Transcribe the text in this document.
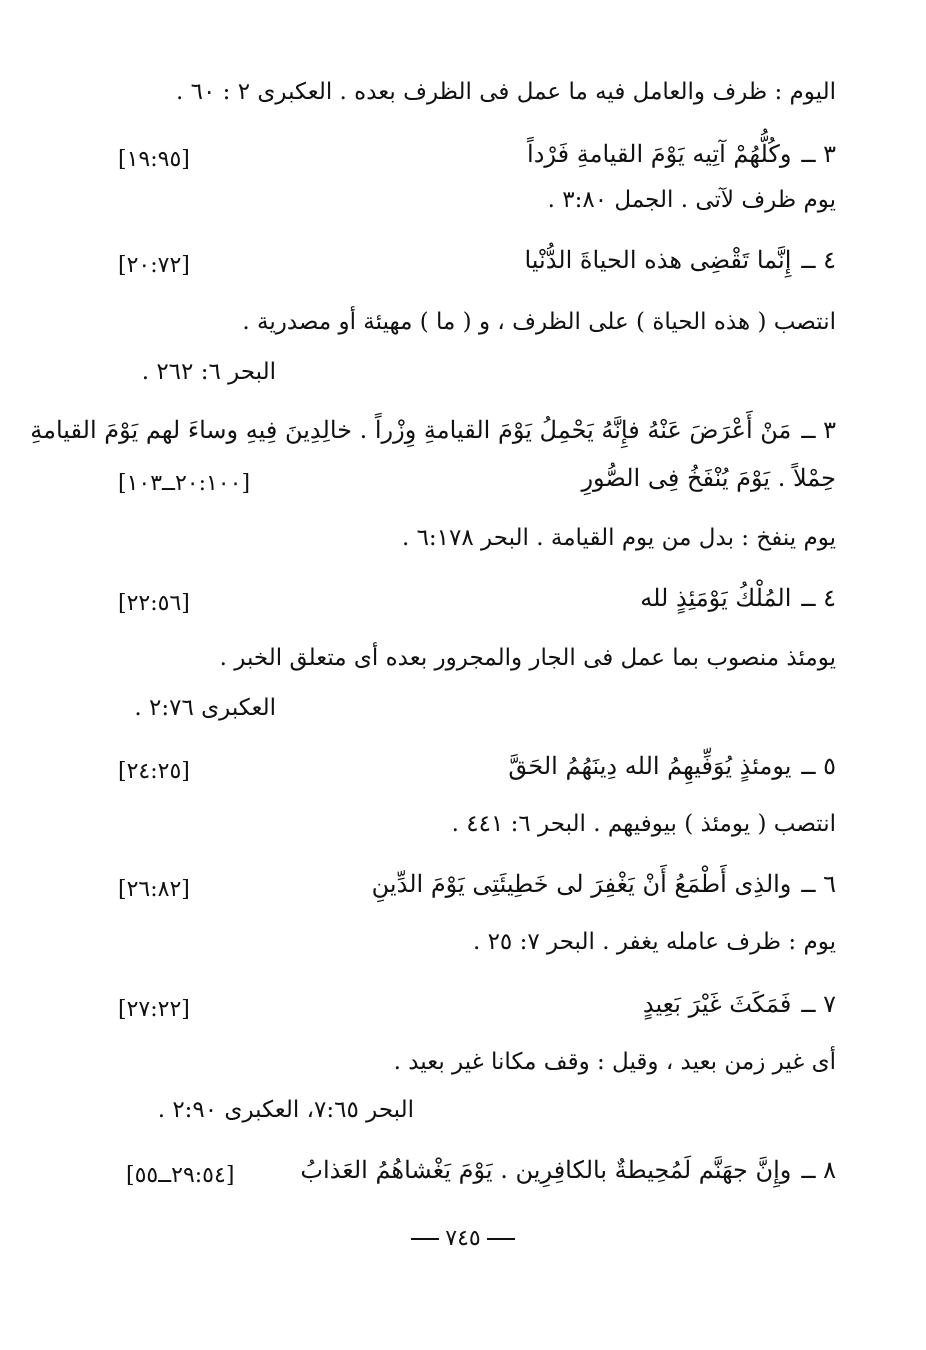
اليوم : ظرف والعامل فيه ما عمل فى الظرف بعده . العكبرى ٢ : ٦٠ .
٣ ــوكُلُّهُمْ آتِيه يَوْمَ القيامةِ فَرْداً
[١٩:٩٥]
يوم ظرف لآتى . الجمل ٣:٨٠ .
٤ ــإِنَّما تَقْضِى هذه الحياةَ الدُّنْيا
[٢٠:٧٢]
انتصب ( هذه الحياة ) على الظرف ، و ( ما ) مهيئة أو مصدرية .
البحر ٦: ٢٦٢ .
٣ ــمَنْ أَعْرَضَ عَنْهُ فإِنَّهُ يَحْمِلُ يَوْمَ القيامةِ وِزْراً . خالِدِينَ فِيهِ وساءَ لهم يَوْمَ القيامةِ
حِمْلاً . يَوْمَ يُنْفَخُ فِى الصُّورِ
[٢٠:١٠٠ــ١٠٣]
يوم ينفخ : بدل من يوم القيامة . البحر ٦:١٧٨ .
٤ ــالمُلْكُ يَوْمَئِذٍ لله
[٢٢:٥٦]
يومئذ منصوب بما عمل فى الجار والمجرور بعده أى متعلق الخبر .
العكبرى ٢:٧٦ .
٥ ــيومئذٍ يُوَفِّيهِمُ الله دِينَهُمُ الحَقَّ
[٢٤:٢٥]
انتصب ( يومئذ ) بيوفيهم . البحر ٦: ٤٤١ .
٦ ــوالذِى أَطْمَعُ أَنْ يَغْفِرَ لى خَطِيئَتِى يَوْمَ الدِّينِ
[٢٦:٨٢]
يوم : ظرف عامله يغفر . البحر ٧: ٢٥ .
٧ ــفَمَكَثَ غَيْرَ بَعِيدٍ
[٢٧:٢٢]
أى غير زمن بعيد ، وقيل : وقف مكانا غير بعيد .
البحر ٧:٦٥، العكبرى ٢:٩٠ .
٨ ــوإِنَّ جهَنَّم لَمُحِيطةٌ بالكافِرِين . يَوْمَ يَغْشاهُمُ العَذابُ
[٢٩:٥٤ــ٥٥]
٧٤٥
